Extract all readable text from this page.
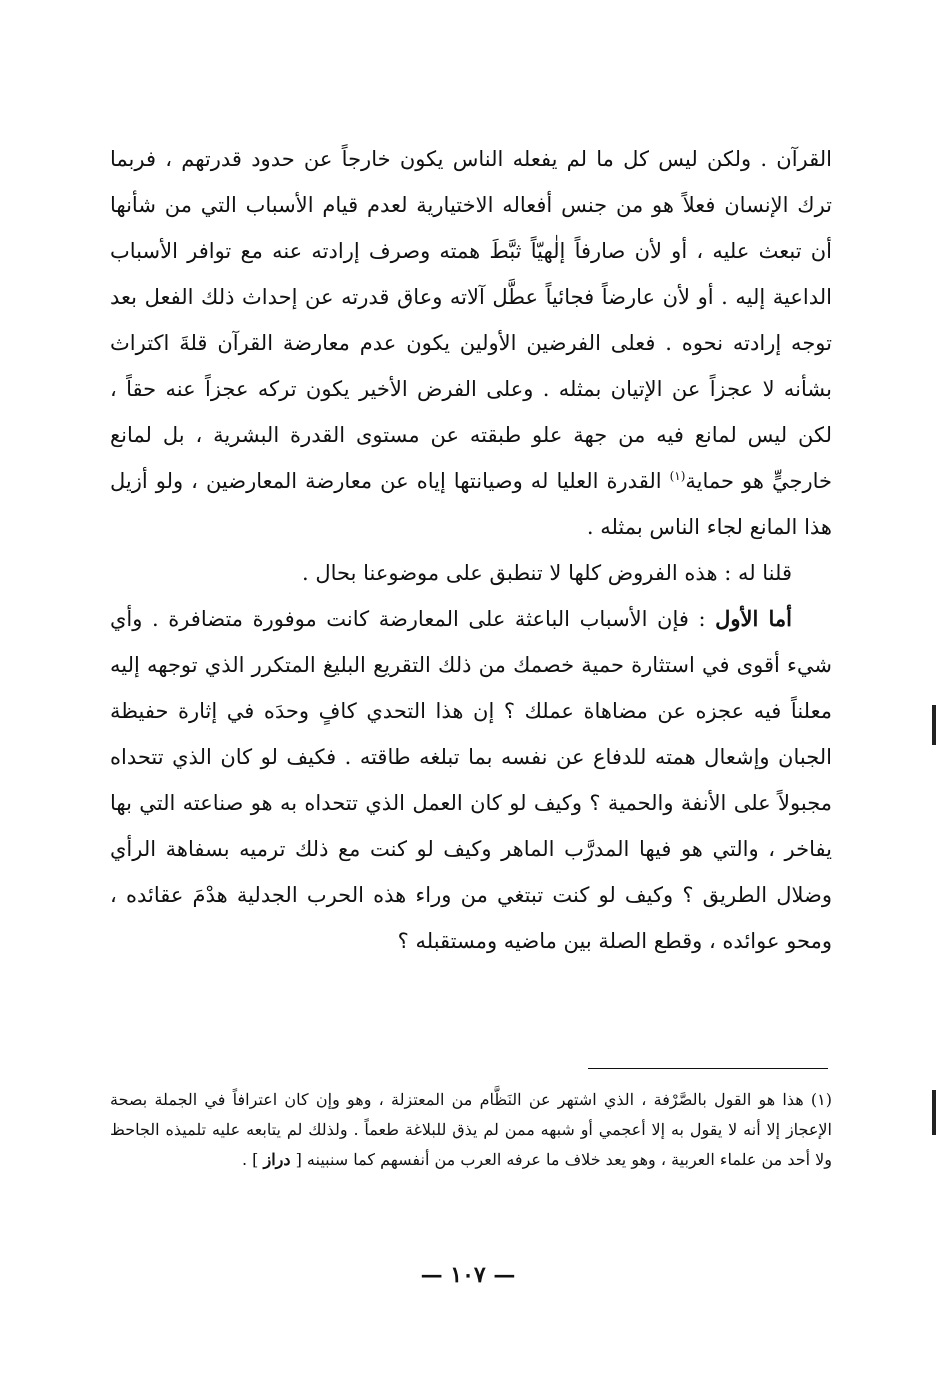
القرآن . ولكن ليس كل ما لم يفعله الناس يكون خارجاً عن حدود قدرتهم ، فربما ترك الإنسان فعلاً هو من جنس أفعاله الاختيارية لعدم قيام الأسباب التي من شأنها أن تبعث عليه ، أو لأن صارفاً إلٰهيّاً ثبَّطَ همته وصرف إرادته عنه مع توافر الأسباب الداعية إليه . أو لأن عارضاً فجائياً عطَّل آلاته وعاق قدرته عن إحداث ذلك الفعل بعد توجه إرادته نحوه . فعلى الفرضين الأولين يكون عدم معارضة القرآن قلةَ اكتراث بشأنه لا عجزاً عن الإتيان بمثله . وعلى الفرض الأخير يكون تركه عجزاً عنه حقاً ، لكن ليس لمانع فيه من جهة علو طبقته عن مستوى القدرة البشرية ، بل لمانع خارجيٍّ هو حماية$^{(١)}$ القدرة العليا له وصيانتها إياه عن معارضة المعارضين ، ولو أزيل هذا المانع لجاء الناس بمثله .

قلنا له : هذه الفروض كلها لا تنطبق على موضوعنا بحال .

أما الأول : فإن الأسباب الباعثة على المعارضة كانت موفورة متضافرة . وأي شيء أقوى في استثارة حمية خصمك من ذلك التقريع البليغ المتكرر الذي توجهه إليه معلناً فيه عجزه عن مضاهاة عملك ؟ إن هذا التحدي كافٍ وحدَه في إثارة حفيظة الجبان وإشعال همته للدفاع عن نفسه بما تبلغه طاقته . فكيف لو كان الذي تتحداه مجبولاً على الأنفة والحمية ؟ وكيف لو كان العمل الذي تتحداه به هو صناعته التي بها يفاخر ، والتي هو فيها المدرَّب الماهر وكيف لو كنت مع ذلك ترميه بسفاهة الرأي وضلال الطريق ؟ وكيف لو كنت تبتغي من وراء هذه الحرب الجدلية هدْمَ عقائده ، ومحو عوائده ، وقطع الصلة بين ماضيه ومستقبله ؟

(١) هذا هو القول بالصَّرْفة ، الذي اشتهر عن النَظَّام من المعتزلة ، وهو وإن كان اعترافاً في الجملة بصحة الإعجاز إلا أنه لا يقول به إلا أعجمي أو شبهه ممن لم يذق للبلاغة طعماً . ولذلك لم يتابعه عليه تلميذه الجاحظ ولا أحد من علماء العربية ، وهو يعد خلاف ما عرفه العرب من أنفسهم كما سنبينه [ دراز ] .

— ١٠٧ —
